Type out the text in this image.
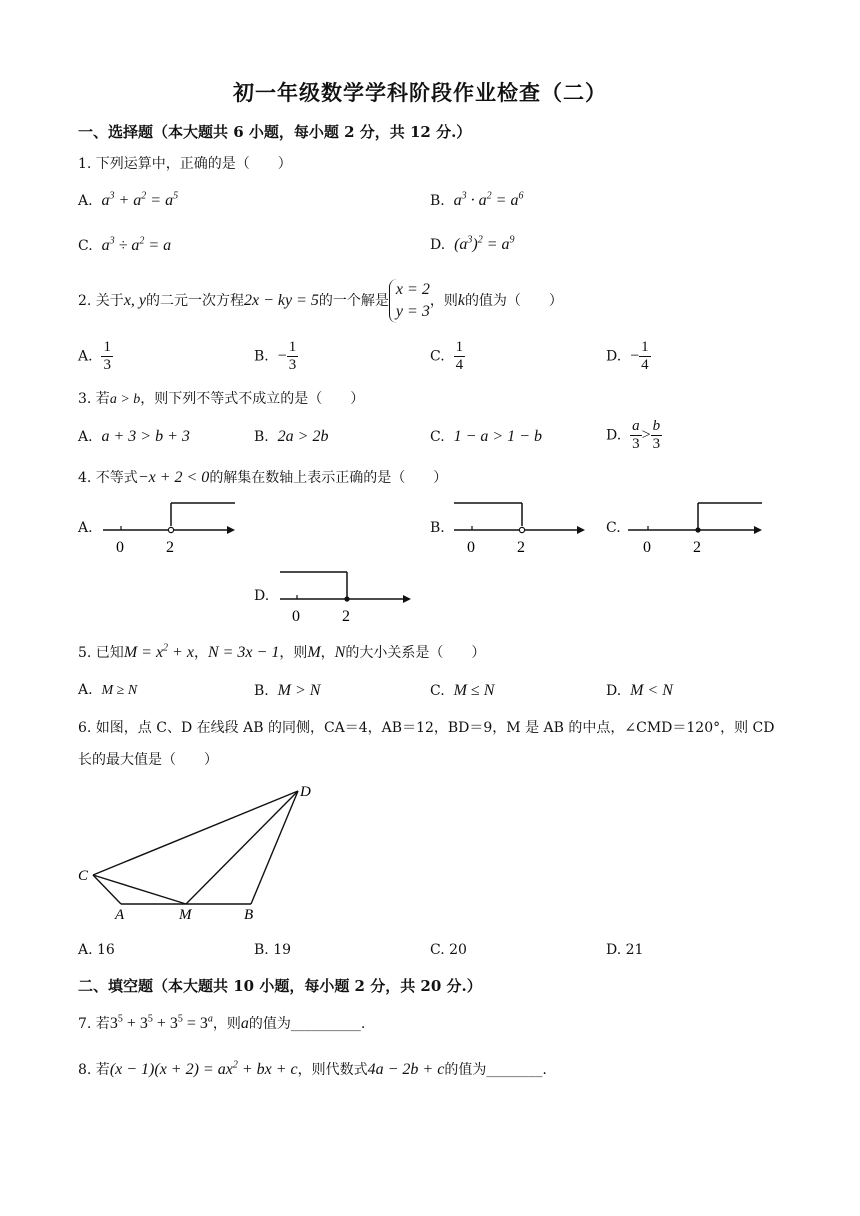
初一年级数学学科阶段作业检查（二）
一、选择题（本大题共 6 小题，每小题 2 分，共 12 分.）
1. 下列运算中，正确的是（　　）
A. $a^3 + a^2 = a^5$	B. $a^3 \cdot a^2 = a^6$
C. $a^3 \div a^2 = a$	D. $(a^3)^2 = a^9$
2. 关于x, y的二元一次方程2x − ky = 5的一个解是
x = 2
y = 3
，则k的值为（　　）
A. $\frac{1}{3}$	B. − $\frac{1}{3}$	C. $\frac{1}{4}$	D. − $\frac{1}{4}$
3. 若a > b，则下列不等式不成立的是（　　）
A. a + 3 > b + 3	B. 2a > 2b	C. 1 − a > 1 − b	D. $\frac{a}{3} > \frac{b}{3}$
4. 不等式−x + 2 < 0的解集在数轴上表示正确的是（　　）
A.
0	2
B.
0	2
C.
0	2
D.
0	2
5. 已知$M = x^2 + x$，N = 3x − 1，则M，N的大小关系是（　　）
A. M ≥ N	B. M > N	C. M ≤ N	D. M < N
6. 如图，点 C、D 在线段 AB 的同侧，CA＝4，AB＝12，BD＝9，M 是 AB 的中点，∠CMD＝120°，则 CD
长的最大值是（　　）
C
D
A	M	B
A. 16	B. 19	C. 20	D. 21
二、填空题（本大题共 10 小题，每小题 2 分，共 20 分.）
7. 若$3^5 + 3^5 + 3^5 = 3^a$，则a的值为__________.
8. 若$(x - 1)(x + 2) = ax^2$ + bx + c，则代数式4a − 2b + c的值为________.
